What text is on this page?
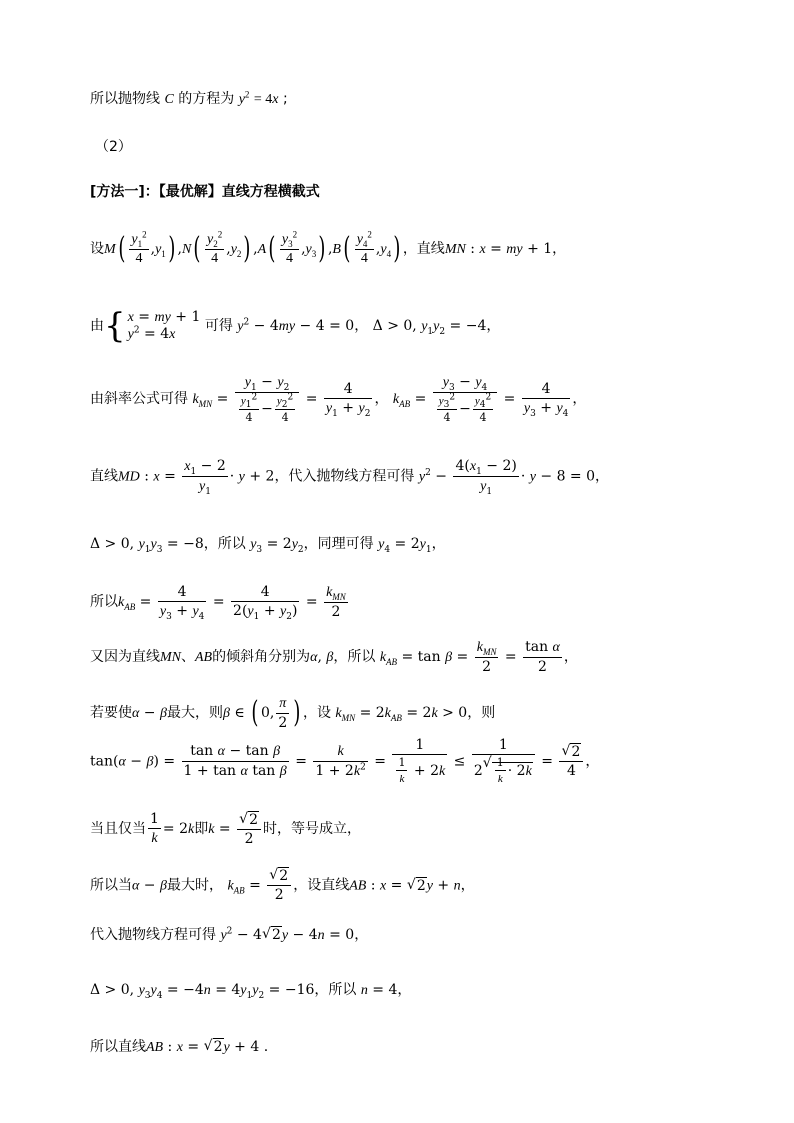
所以抛物线 C 的方程为 $y^2 = 4x$ ;
（2）
[方法一]：【最优解】直线方程横截式
设$M( \frac{y_1^2}{4} ,y_1)$ $,N( \frac{y_2^2}{4} ,y_2)$ $,A( \frac{y_3^2}{4} ,y_3)$ $,B( \frac{y_4^2}{4} ,y_4)$ ，直线MN : x = my + 1，
由{ x = my + 1
$y^2 = 4x$ 可得 $y^2 - 4my - 4 = 0$， Δ > 0, $y_1y_2 = -4$，
由斜率公式可得 $k_{MN} = \frac{y_1 - y_2}{\frac{y_1^2}{4} - \frac{y_2^2}{4}} = \frac{4}{y_1 + y_2}$ ， $k_{AB} = \frac{y_3 - y_4}{\frac{y_3^2}{4} - \frac{y_4^2}{4}} = \frac{4}{y_3 + y_4}$ ，
直线MD : $x = \frac{x_1 - 2}{y_1} \cdot y + 2$，代入抛物线方程可得 $y^2 - \frac{4(x_1 - 2)}{y_1} \cdot y - 8 = 0$，
Δ > 0, $y_1y_3 = -8$，所以 $y_3 = 2y_2$，同理可得 $y_4 = 2y_1$，
所以$k_{AB} = \frac{4}{y_3 + y_4} = \frac{4}{2(y_1 + y_2)} = \frac{k_{MN}}{2}$
又因为直线MN、AB的倾斜角分别为α, β，所以 $k_{AB} = \tan \beta = \frac{k_{MN}}{2} = \frac{\text{tan α}}{2}$ ，
若要使α − β最大，则β ∈ ( 0, $\frac{\pi}{2}$ ) ，设 $k_{MN} = 2k_{AB} = 2k > 0$，则
$\tan(\alpha - \beta) = \frac{\text{tan α − tan β}}{\text{1 + tan α tan β}} = \frac{k}{1 + 2k^2} = \frac{1}{\frac{1}{k} + 2k} \le 1$
2
√ $\frac{1}{k} \cdot 2k$ =
√ $\frac{2}{4}$ ，
当且仅当 $\frac{1}{k} = 2k$即k =
√ $\frac{2}{2}$ 时，等号成立，
所以当α − β最大时， $k_{AB}$ =
√ $\frac{2}{2}$ ，设直线AB : x = √ 2y + n，
代入抛物线方程可得 $y^2 - 4√$ 2y − 4n = 0，
Δ > 0, $y_3y_4 = -4n = 4y_1y_2 = -16$，所以 n = 4，
所以直线AB : x = √ 2y + 4 .
